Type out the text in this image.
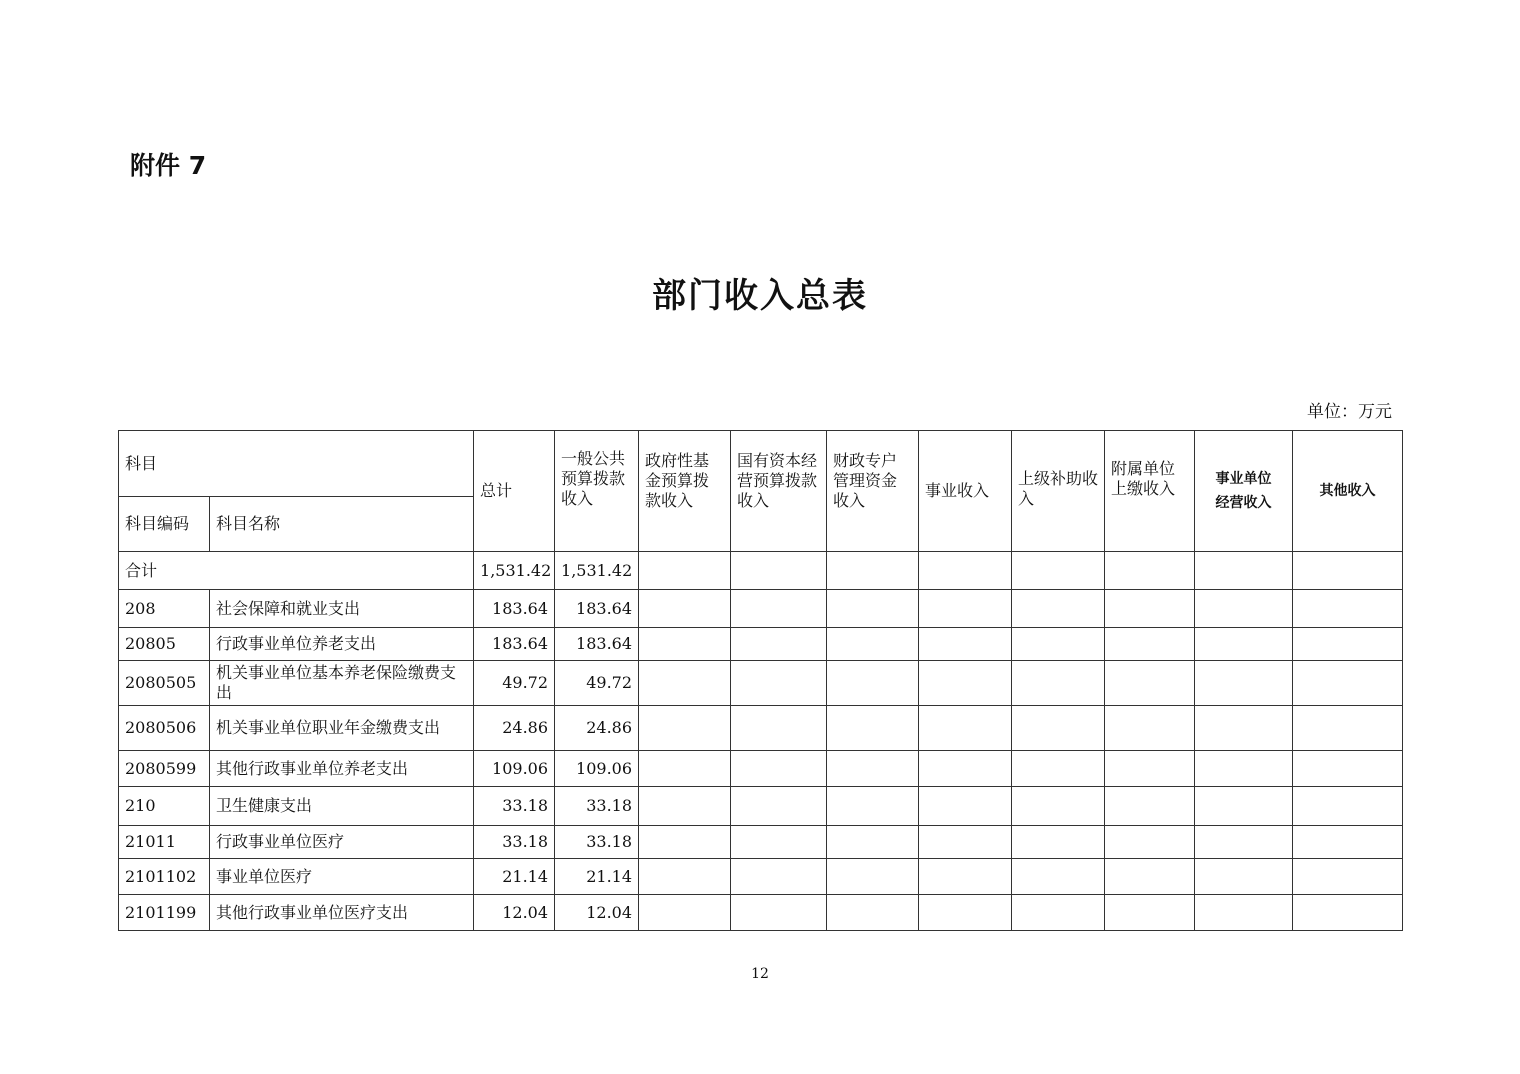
附件 7
部门收入总表
单位：万元
科目		总计	一般公共预算拨款收入	政府性基金预算拨款收入	国有资本经营预算拨款收入	财政专户管理资金收入	事业收入	上级补助收入	附属单位上缴收入	事业单位经营收入	其他收入
科目编码	科目名称										
合计		1,531.42	1,531.42								
208	社会保障和就业支出	183.64	183.64								
20805	行政事业单位养老支出	183.64	183.64								
2080505	机关事业单位基本养老保险缴费支出	49.72	49.72								
2080506	机关事业单位职业年金缴费支出	24.86	24.86								
2080599	其他行政事业单位养老支出	109.06	109.06								
210	卫生健康支出	33.18	33.18								
21011	行政事业单位医疗	33.18	33.18								
2101102	事业单位医疗	21.14	21.14								
2101199	其他行政事业单位医疗支出	12.04	12.04								
12
